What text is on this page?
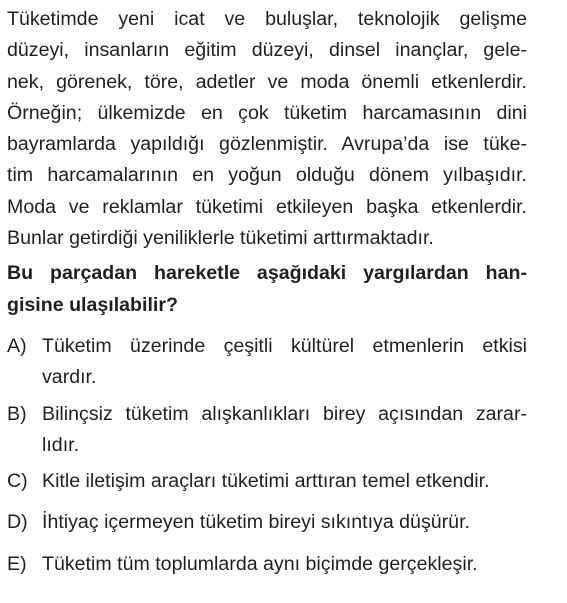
Tüketimde yeni icat ve buluşlar, teknolojik gelişme
düzeyi, insanların eğitim düzeyi, dinsel inançlar, gele-
nek, görenek, töre, adetler ve moda önemli etkenlerdir.
Örneğin; ülkemizde en çok tüketim harcamasının dini
bayramlarda yapıldığı gözlenmiştir. Avrupa’da ise tüke-
tim harcamalarının en yoğun olduğu dönem yılbaşıdır.
Moda ve reklamlar tüketimi etkileyen başka etkenlerdir.
Bunlar getirdiği yeniliklerle tüketimi arttırmaktadır.
Bu parçadan hareketle aşağıdaki yargılardan han-
gisine ulaşılabilir?
A) Tüketim üzerinde çeşitli kültürel etmenlerin etkisi
vardır.
B) Bilinçsiz tüketim alışkanlıkları birey açısından zarar-
lıdır.
C) Kitle iletişim araçları tüketimi arttıran temel etkendir.
D) İhtiyaç içermeyen tüketim bireyi sıkıntıya düşürür.
E) Tüketim tüm toplumlarda aynı biçimde gerçekleşir.
